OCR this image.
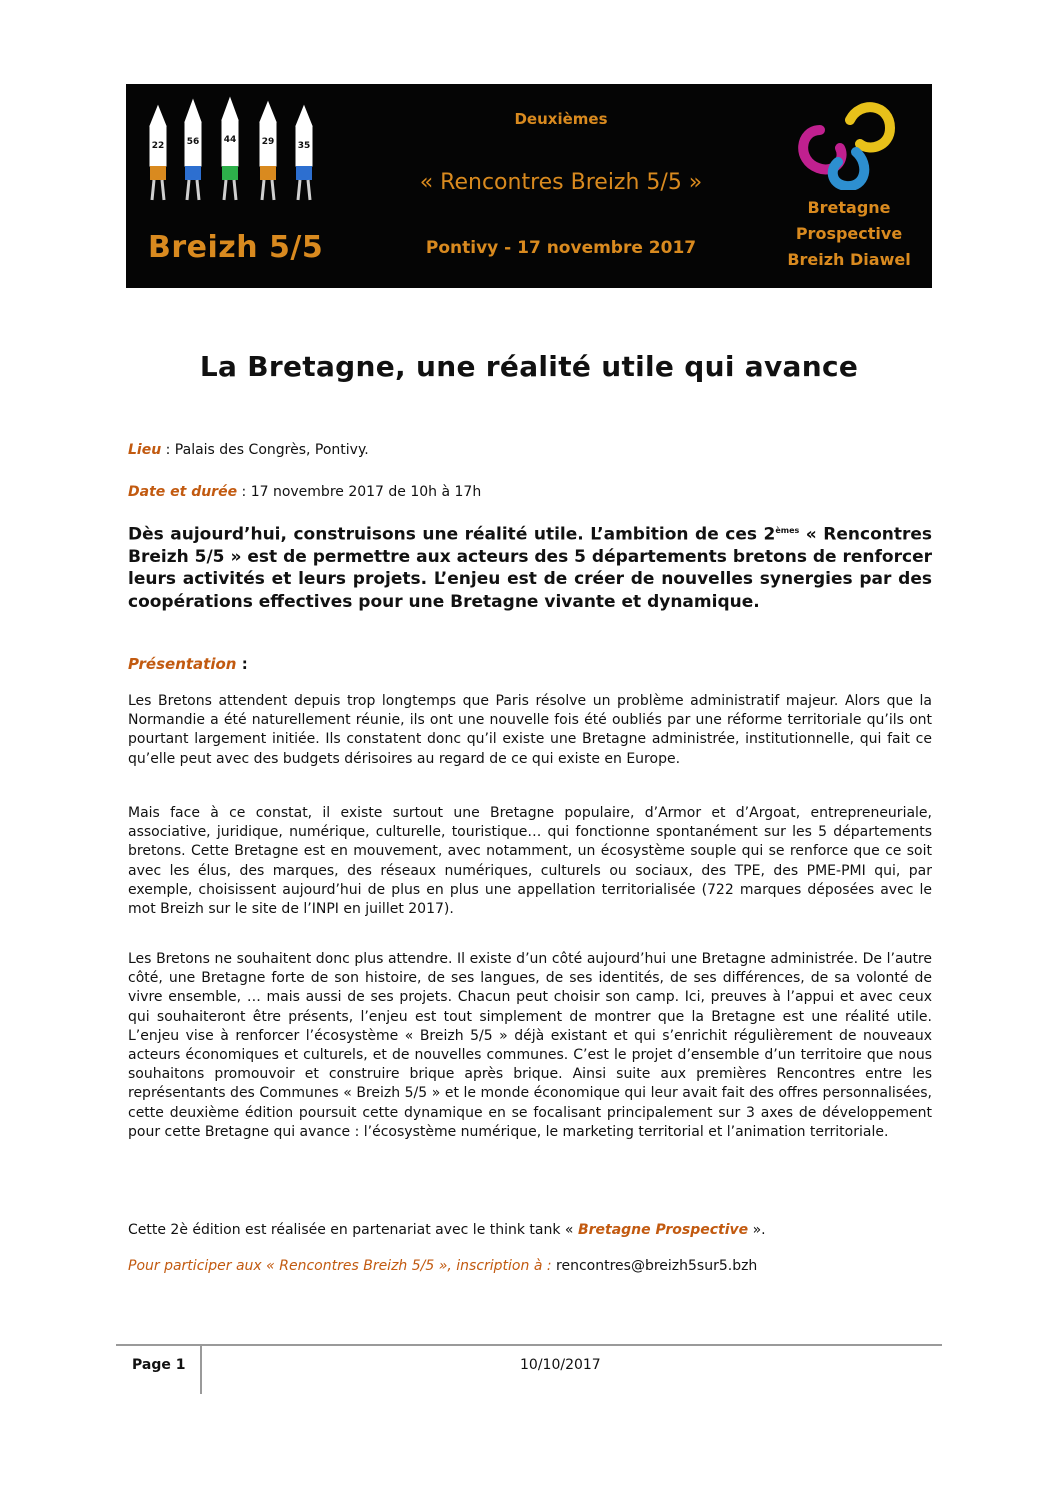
22 56	44	29	35
Breizh 5/5
Deuxièmes
« Rencontres Breizh 5/5 »
Pontivy - 17 novembre 2017
Bretagne
Prospective
Breizh Diawel
La Bretagne, une réalité utile qui avance
Lieu : Palais des Congrès, Pontivy.
Date et durée : 17 novembre 2017 de 10h à 17h
Dès aujourd’hui, construisons une réalité utile. L’ambition de ces 2èmes « Rencontres Breizh 5/5 » est de permettre aux acteurs des 5 départements bretons de renforcer leurs activités et leurs projets. L’enjeu est de créer de nouvelles synergies par des coopérations effectives pour une Bretagne vivante et dynamique.
Présentation :

Les Bretons attendent depuis trop longtemps que Paris résolve un problème administratif majeur. Alors que la Normandie a été naturellement réunie, ils ont une nouvelle fois été oubliés par une réforme territoriale qu’ils ont pourtant largement initiée. Ils constatent donc qu’il existe une Bretagne administrée, institutionnelle, qui fait ce qu’elle peut avec des budgets dérisoires au regard de ce qui existe en Europe.

Mais face à ce constat, il existe surtout une Bretagne populaire, d’Armor et d’Argoat, entrepreneuriale, associative, juridique, numérique, culturelle, touristique… qui fonctionne spontanément sur les 5 départements bretons. Cette Bretagne est en mouvement, avec notamment, un écosystème souple qui se renforce que ce soit avec les élus, des marques, des réseaux numériques, culturels ou sociaux, des TPE, des PME-PMI qui, par exemple, choisissent aujourd’hui de plus en plus une appellation territorialisée (722 marques déposées avec le mot Breizh sur le site de l’INPI en juillet 2017).

Les Bretons ne souhaitent donc plus attendre. Il existe d’un côté aujourd’hui une Bretagne administrée. De l’autre côté, une Bretagne forte de son histoire, de ses langues, de ses identités, de ses différences, de sa volonté de vivre ensemble, … mais aussi de ses projets. Chacun peut choisir son camp. Ici, preuves à l’appui et avec ceux qui souhaiteront être présents, l’enjeu est tout simplement de montrer que la Bretagne est une réalité utile. L’enjeu vise à renforcer l’écosystème « Breizh 5/5 » déjà existant et qui s’enrichit régulièrement de nouveaux acteurs économiques et culturels, et de nouvelles communes. C’est le projet d’ensemble d’un territoire que nous souhaitons promouvoir et construire brique après brique. Ainsi suite aux premières Rencontres entre les représentants des Communes « Breizh 5/5 » et le monde économique qui leur avait fait des offres personnalisées, cette deuxième édition poursuit cette dynamique en se focalisant principalement sur 3 axes de développement pour cette Bretagne qui avance : l’écosystème numérique, le marketing territorial et l’animation territoriale.

Cette 2è édition est réalisée en partenariat avec le think tank « Bretagne Prospective ».
Pour participer aux « Rencontres Breizh 5/5 », inscription à : rencontres@breizh5sur5.bzh
Page 1	10/10/2017
